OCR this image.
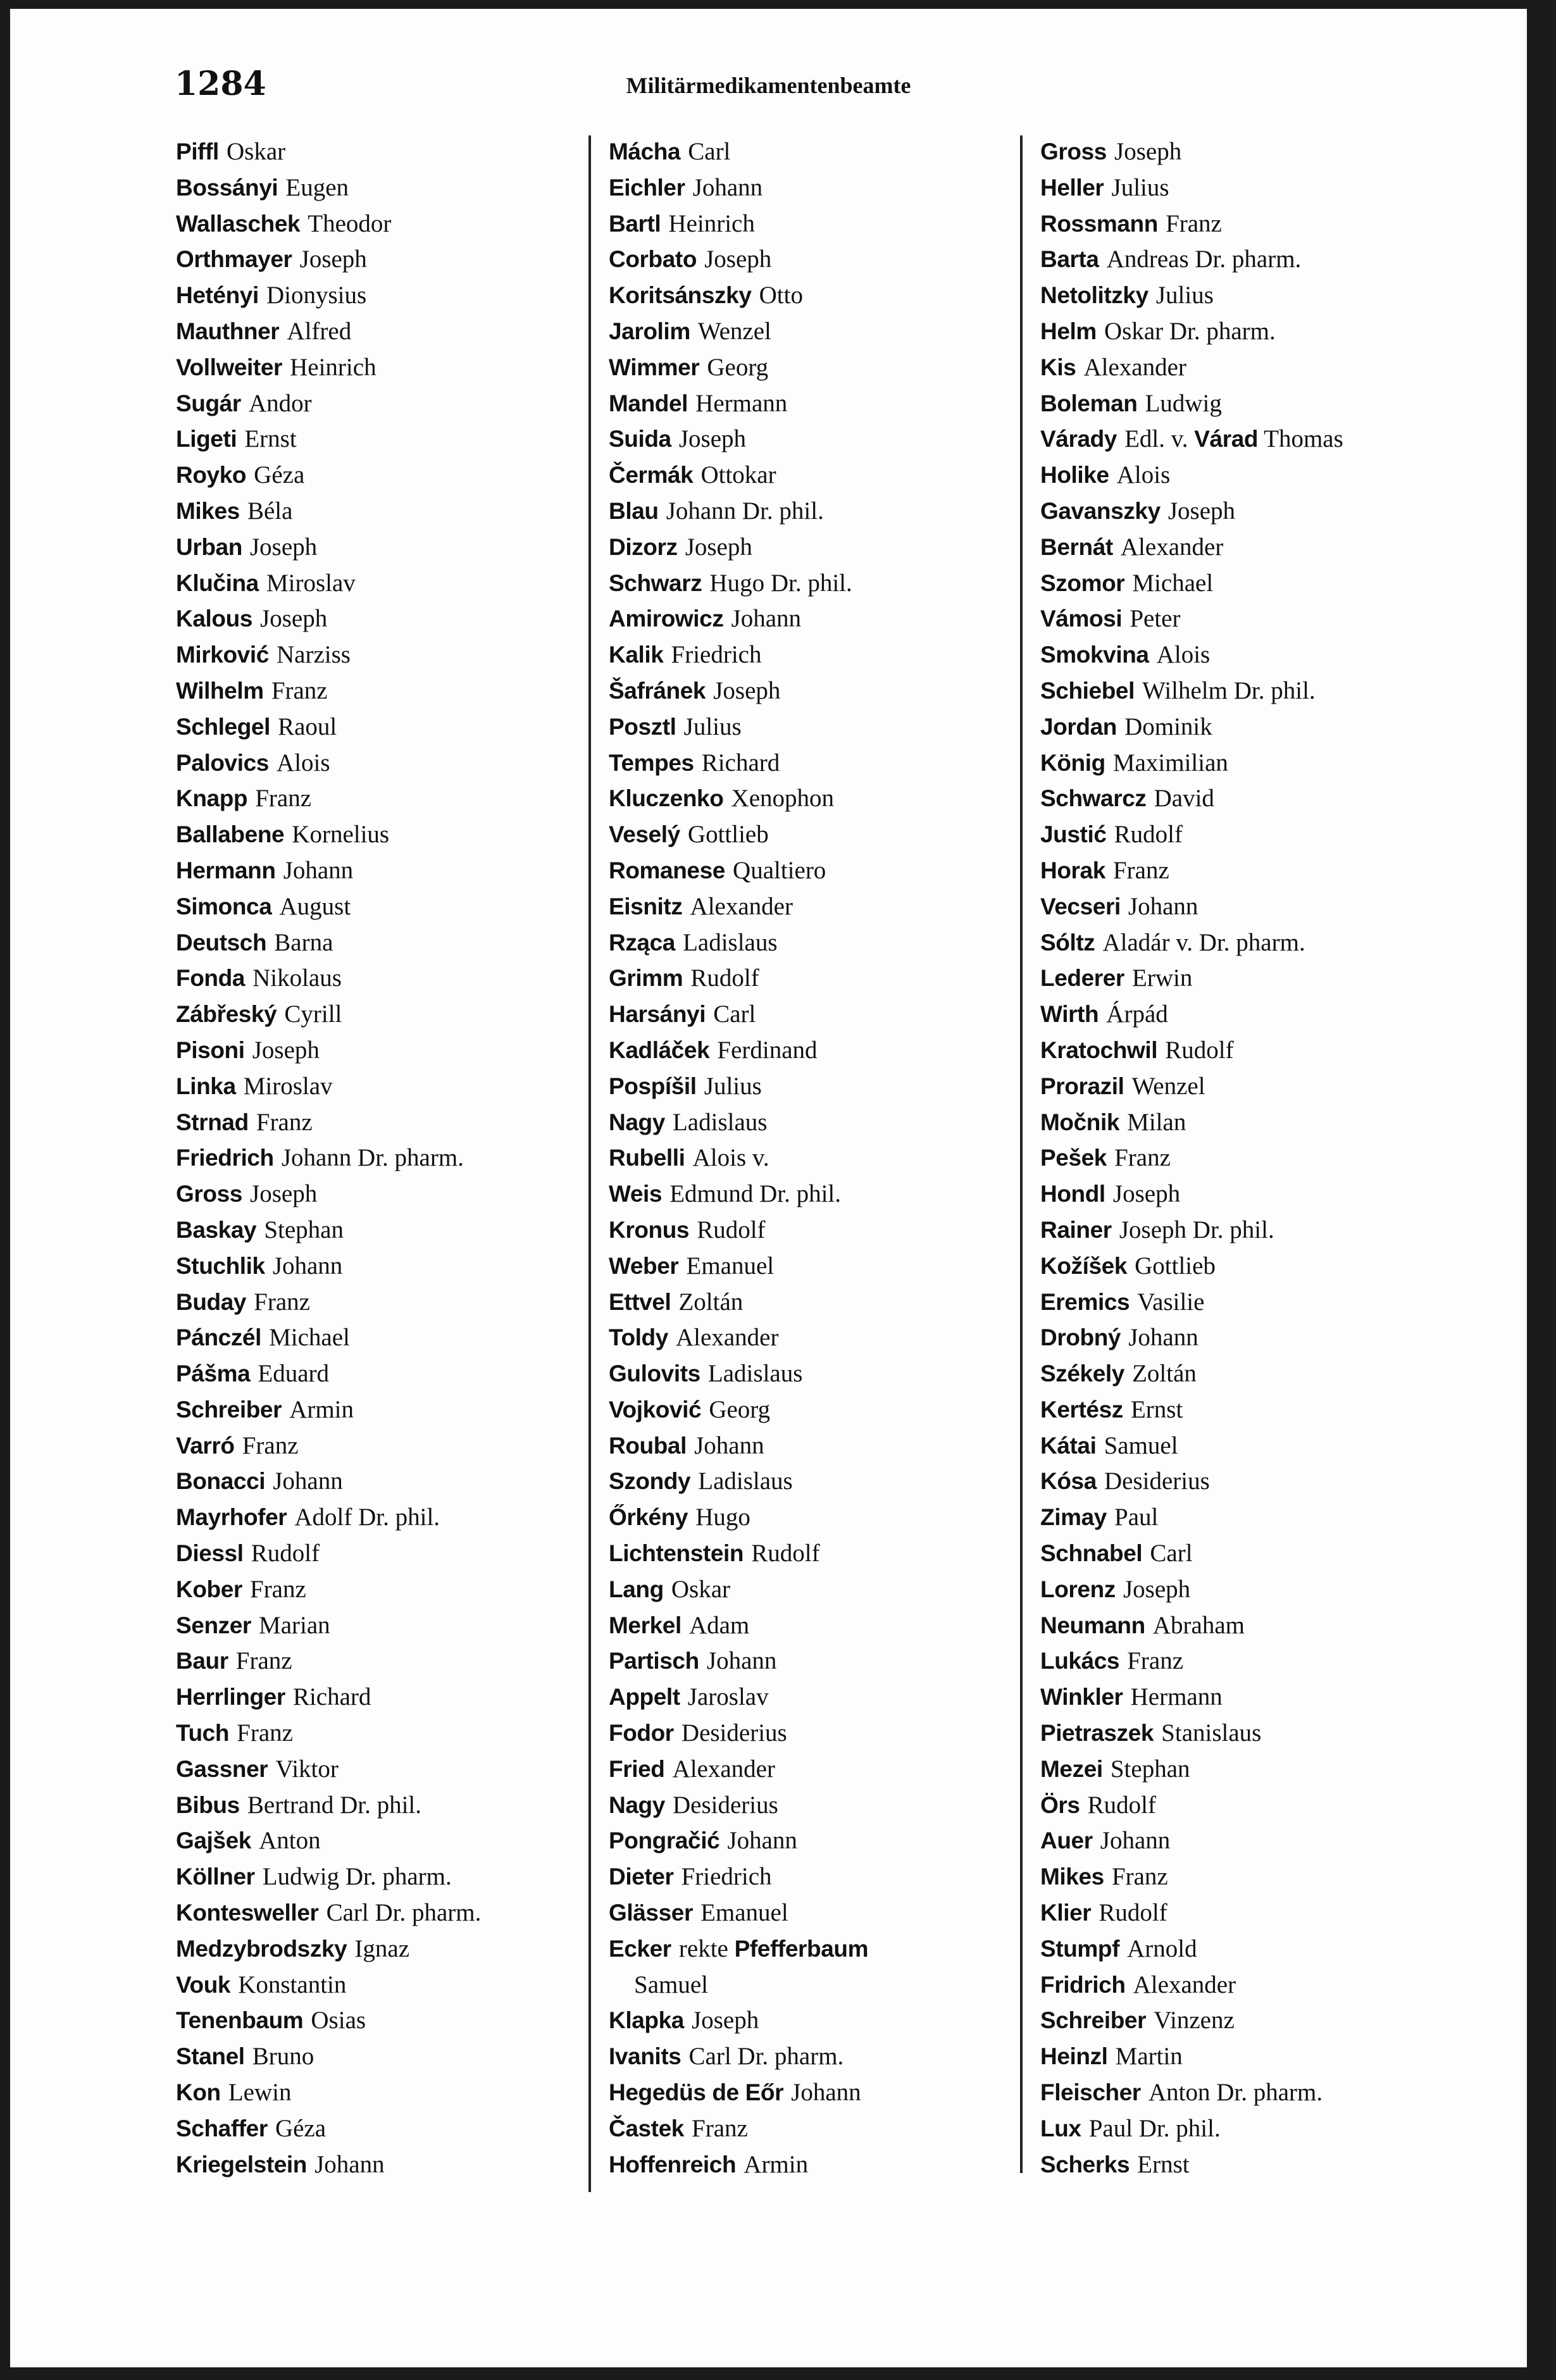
1284	Militärmedikamentenbeamte
Piffl Oskar
Bossányi Eugen
Wallaschek Theodor
Orthmayer Joseph
Hetényi Dionysius
Mauthner Alfred
Vollweiter Heinrich
Sugár Andor
Ligeti Ernst
Royko Géza
Mikes Béla
Urban Joseph
Klučina Miroslav
Kalous Joseph
Mirković Narziss
Wilhelm Franz
Schlegel Raoul
Palovics Alois
Knapp Franz
Ballabene Kornelius
Hermann Johann
Simonca August
Deutsch Barna
Fonda Nikolaus
Zábřeský Cyrill
Pisoni Joseph
Linka Miroslav
Strnad Franz
Friedrich Johann Dr. pharm.
Gross Joseph
Baskay Stephan
Stuchlik Johann
Buday Franz
Pánczél Michael
Pášma Eduard
Schreiber Armin
Varró Franz
Bonacci Johann
Mayrhofer Adolf Dr. phil.
Diessl Rudolf
Kober Franz
Senzer Marian
Baur Franz
Herrlinger Richard
Tuch Franz
Gassner Viktor
Bibus Bertrand Dr. phil.
Gajšek Anton
Köllner Ludwig Dr. pharm.
Kontesweller Carl Dr. pharm.
Medzybrodszky Ignaz
Vouk Konstantin
Tenenbaum Osias
Stanel Bruno
Kon Lewin
Schaffer Géza
Kriegelstein Johann
Mácha Carl
Eichler Johann
Bartl Heinrich
Corbato Joseph
Koritsánszky Otto
Jarolim Wenzel
Wimmer Georg
Mandel Hermann
Suida Joseph
Čermák Ottokar
Blau Johann Dr. phil.
Dizorz Joseph
Schwarz Hugo Dr. phil.
Amirowicz Johann
Kalik Friedrich
Šafránek Joseph
Posztl Julius
Tempes Richard
Kluczenko Xenophon
Veselý Gottlieb
Romanese Qualtiero
Eisnitz Alexander
Rząca Ladislaus
Grimm Rudolf
Harsányi Carl
Kadláček Ferdinand
Pospíšil Julius
Nagy Ladislaus
Rubelli Alois v.
Weis Edmund Dr. phil.
Kronus Rudolf
Weber Emanuel
Ettvel Zoltán
Toldy Alexander
Gulovits Ladislaus
Vojković Georg
Roubal Johann
Szondy Ladislaus
Őrkény Hugo
Lichtenstein Rudolf
Lang Oskar
Merkel Adam
Partisch Johann
Appelt Jaroslav
Fodor Desiderius
Fried Alexander
Nagy Desiderius
Pongračić Johann
Dieter Friedrich
Glässer Emanuel
Ecker rekte Pfefferbaum
Samuel
Klapka Joseph
Ivanits Carl Dr. pharm.
Hegedüs de Eőr Johann
Častek Franz
Hoffenreich Armin
Gross Joseph
Heller Julius
Rossmann Franz
Barta Andreas Dr. pharm.
Netolitzky Julius
Helm Oskar Dr. pharm.
Kis Alexander
Boleman Ludwig
Várady Edl. v. Várad Thomas
Holike Alois
Gavanszky Joseph
Bernát Alexander
Szomor Michael
Vámosi Peter
Smokvina Alois
Schiebel Wilhelm Dr. phil.
Jordan Dominik
König Maximilian
Schwarcz David
Justić Rudolf
Horak Franz
Vecseri Johann
Sóltz Aladár v. Dr. pharm.
Lederer Erwin
Wirth Árpád
Kratochwil Rudolf
Prorazil Wenzel
Močnik Milan
Pešek Franz
Hondl Joseph
Rainer Joseph Dr. phil.
Kožíšek Gottlieb
Eremics Vasilie
Drobný Johann
Székely Zoltán
Kertész Ernst
Kátai Samuel
Kósa Desiderius
Zimay Paul
Schnabel Carl
Lorenz Joseph
Neumann Abraham
Lukács Franz
Winkler Hermann
Pietraszek Stanislaus
Mezei Stephan
Örs Rudolf
Auer Johann
Mikes Franz
Klier Rudolf
Stumpf Arnold
Fridrich Alexander
Schreiber Vinzenz
Heinzl Martin
Fleischer Anton Dr. pharm.
Lux Paul Dr. phil.
Scherks Ernst
